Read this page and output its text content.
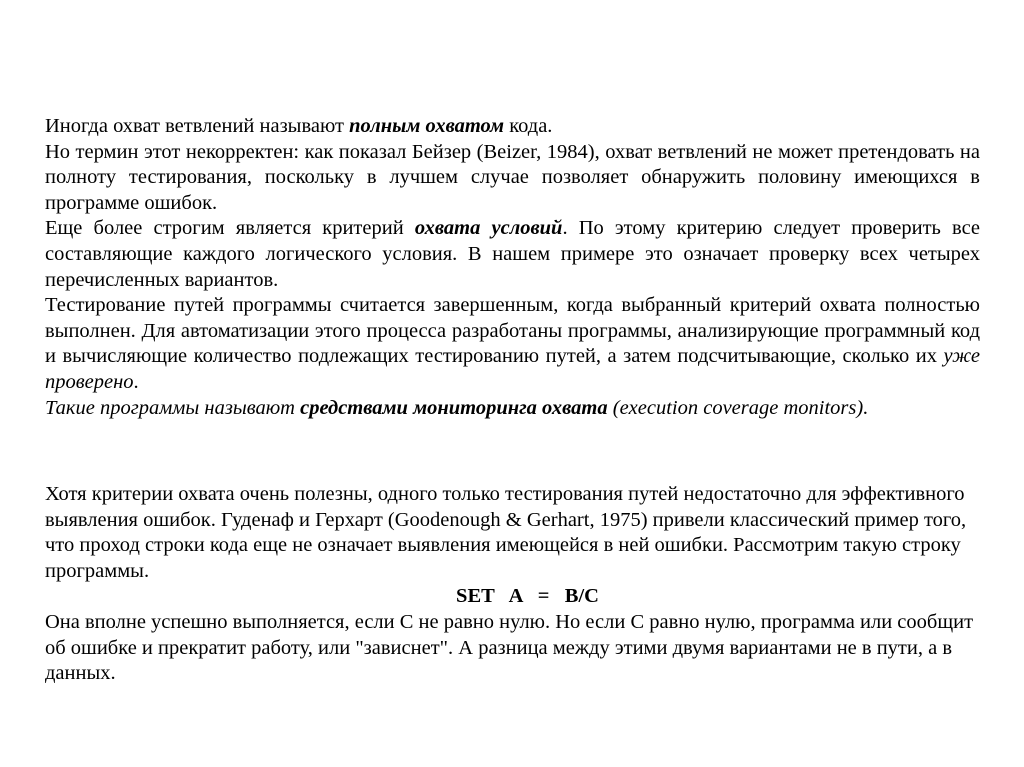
Иногда охват ветвлений называют полным охватом кода.

Но термин этот некорректен: как показал Бейзер (Beizer, 1984), охват ветвлений не может претендовать на полноту тестирования, поскольку в лучшем случае позволяет обнаружить половину имеющихся в программе ошибок.

Еще более строгим является критерий охвата условий. По этому критерию следует проверить все составляющие каждого логического условия. В нашем примере это означает проверку всех четырех перечисленных вариантов.

Тестирование путей программы считается завершенным, когда выбранный критерий охвата полностью выполнен. Для автоматизации этого процесса разработаны программы, анализирующие программный код и вычисляющие количество подлежащих тестированию путей, а затем подсчитывающие, сколько их уже проверено.

Такие программы называют средствами мониторинга охвата (execution coverage monitors).

Хотя критерии охвата очень полезны, одного только тестирования путей недостаточно для эффективного выявления ошибок. Гуденаф и Герхарт (Goodenough & Gerhart, 1975) привели классический пример того, что проход строки кода еще не означает выявления имеющейся в ней ошибки. Рассмотрим такую строку программы.

SET   A   =   B/C

Она вполне успешно выполняется, если С не равно нулю. Но если С равно нулю, программа или сообщит об ошибке и прекратит работу, или "зависнет". А разница между этими двумя вариантами не в пути, а в данных.
